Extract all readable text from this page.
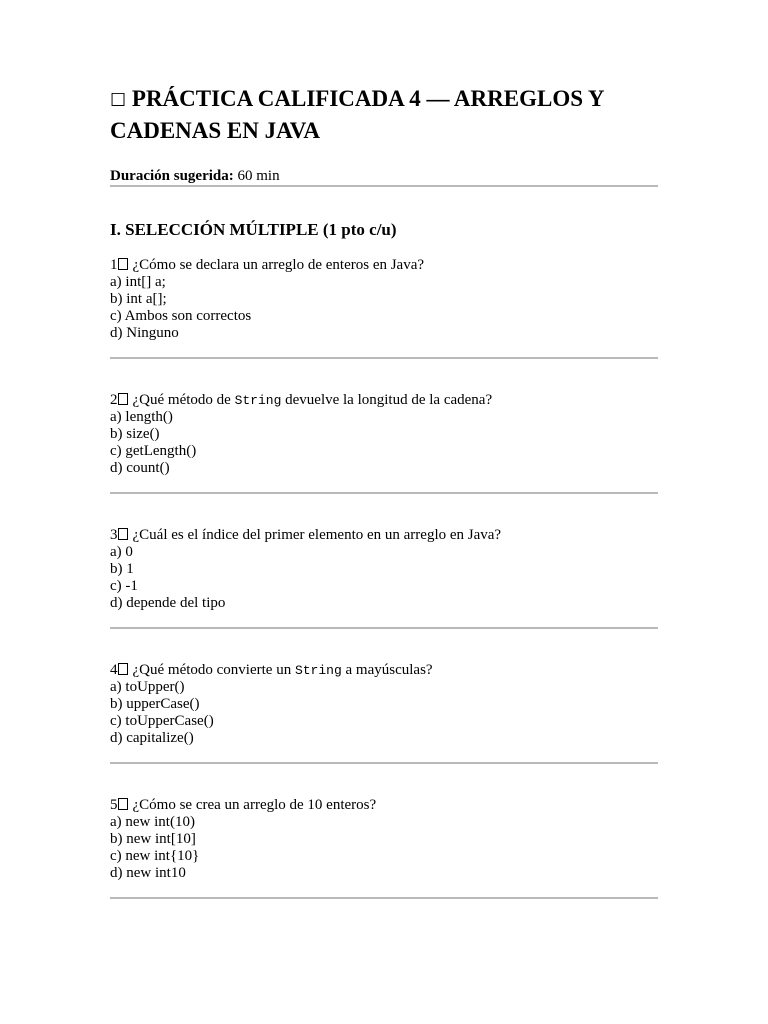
☐ PRÁCTICA CALIFICADA 4 — ARREGLOS Y CADENAS EN JAVA
Duración sugerida: 60 min
I. SELECCIÓN MÚLTIPLE (1 pto c/u)
1 ¿Cómo se declara un arreglo de enteros en Java?
a) int[] a;
b) int a[];
c) Ambos son correctos
d) Ninguno
2 ¿Qué método de String devuelve la longitud de la cadena?
a) length()
b) size()
c) getLength()
d) count()
3 ¿Cuál es el índice del primer elemento en un arreglo en Java?
a) 0
b) 1
c) -1
d) depende del tipo
4 ¿Qué método convierte un String a mayúsculas?
a) toUpper()
b) upperCase()
c) toUpperCase()
d) capitalize()
5 ¿Cómo se crea un arreglo de 10 enteros?
a) new int(10)
b) new int[10]
c) new int{10}
d) new int10
